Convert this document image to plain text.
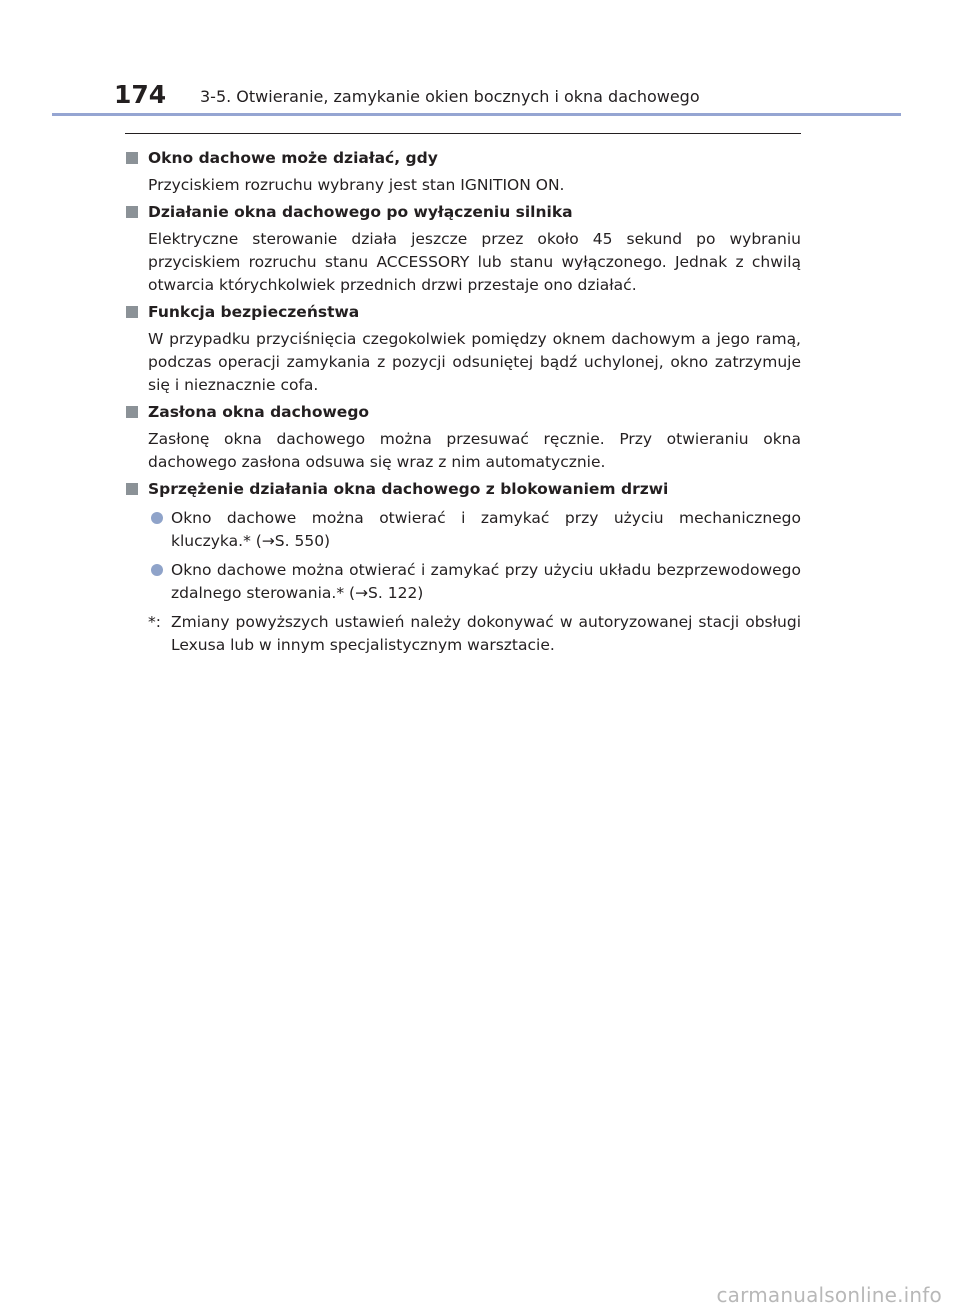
174 3-5. Otwieranie, zamykanie okien bocznych i okna dachowego
Okno dachowe może działać, gdy
Przyciskiem rozruchu wybrany jest stan IGNITION ON.
Działanie okna dachowego po wyłączeniu silnika
Elektryczne sterowanie działa jeszcze przez około 45 sekund po wybraniu przyciskiem rozruchu stanu ACCESSORY lub stanu wyłączonego. Jednak z chwilą otwarcia którychkolwiek przednich drzwi przestaje ono działać.
Funkcja bezpieczeństwa
W przypadku przyciśnięcia czegokolwiek pomiędzy oknem dachowym a jego ramą, podczas operacji zamykania z pozycji odsuniętej bądź uchylonej, okno zatrzymuje się i nieznacznie cofa.
Zasłona okna dachowego
Zasłonę okna dachowego można przesuwać ręcznie. Przy otwieraniu okna dachowego zasłona odsuwa się wraz z nim automatycznie.
Sprzężenie działania okna dachowego z blokowaniem drzwi
Okno dachowe można otwierać i zamykać przy użyciu mechanicznego kluczyka.* (→S. 550)
Okno dachowe można otwierać i zamykać przy użyciu układu bezprzewodowego zdalnego sterowania.* (→S. 122)
*: Zmiany powyższych ustawień należy dokonywać w autoryzowanej stacji obsługi Lexusa lub w innym specjalistycznym warsztacie.
carmanualsonline.info
